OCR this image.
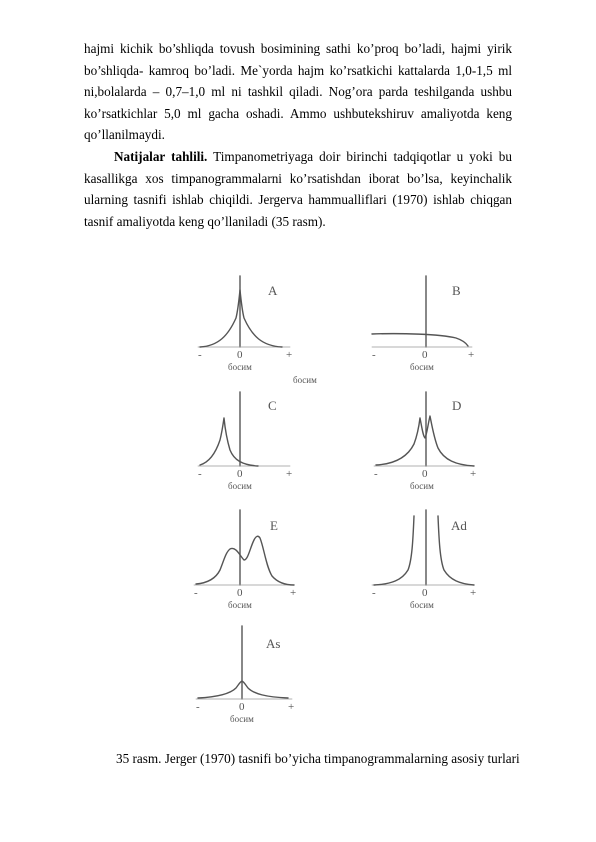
hajmi kichik bo’shliqda tovush bosimining sathi ko’proq bo’ladi, hajmi yirik bo’shliqda- kamroq bo’ladi. Me`yorda hajm ko’rsatkichi kattalarda 1,0-1,5 ml ni,bolalarda – 0,7–1,0 ml ni tashkil qiladi. Nog’ora parda teshilganda ushbu ko’rsatkichlar 5,0 ml gacha oshadi. Ammo ushbutekshiruv amaliyotda keng qo’llanilmaydi.

Natijalar tahlili. Timpanometriyaga doir birinchi tadqiqotlar u yoki bu kasallikga xos timpanogrammalarni ko’rsatishdan iborat bo’lsa, keyinchalik ularning tasnifi ishlab chiqildi. Jergerva hammualliflari (1970) ishlab chiqgan tasnif amaliyotda keng qo’llaniladi (35 rasm).

A
-	0	+
босим
босим
B
-	0	+
босим
C
-	0	+
босим
D
-	0	+
босим
E
-	0	+
босим
Ad
-	0	+
босим
As
-	0	+
босим
35 rasm. Jerger (1970) tasnifi bo’yicha timpanogrammalarning asosiy turlari
